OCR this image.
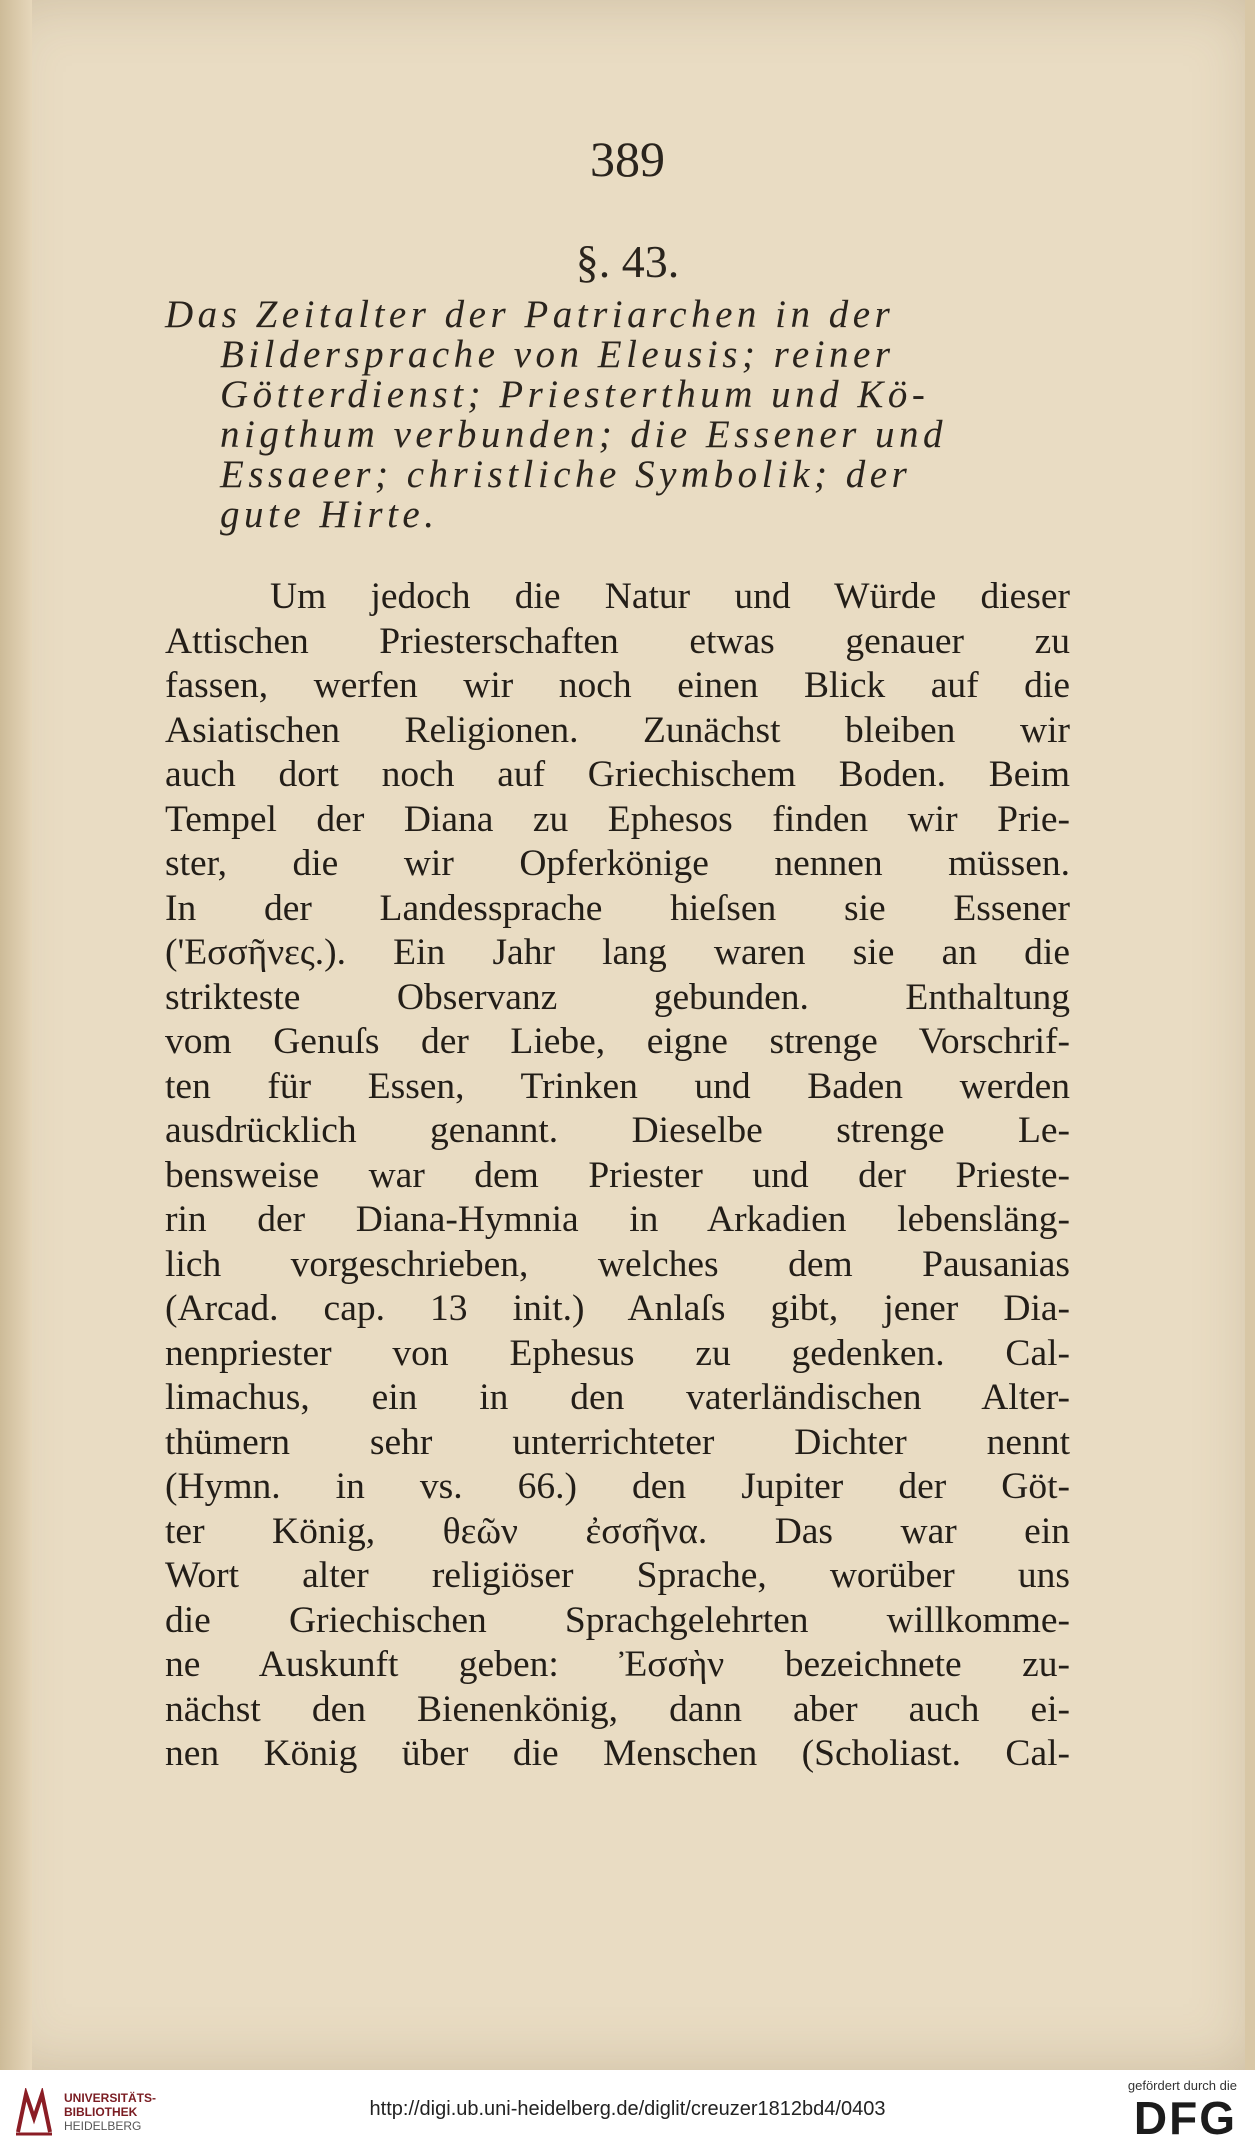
389
§. 43.
Das Zeitalter der Patriarchen in der
Bildersprache von Eleusis; reiner
Götterdienst; Priesterthum und Kö-
nigthum verbunden; die Essener und
Essaeer; christliche Symbolik; der
gute Hirte.
Um jedoch die Natur und Würde dieser
Attischen Priesterschaften etwas genauer zu
fassen, werfen wir noch einen Blick auf die
Asiatischen Religionen. Zunächst bleiben wir
auch dort noch auf Griechischem Boden. Beim
Tempel der Diana zu Ephesos finden wir Prie-
ster, die wir Opferkönige nennen müssen.
In der Landessprache hieſsen sie Essener
('Εσσῆνες.). Ein Jahr lang waren sie an die
strikteste Observanz gebunden. Enthaltung
vom Genuſs der Liebe, eigne strenge Vorschrif-
ten für Essen, Trinken und Baden werden
ausdrücklich genannt. Dieselbe strenge Le-
bensweise war dem Priester und der Prieste-
rin der Diana-Hymnia in Arkadien lebensläng-
lich vorgeschrieben, welches dem Pausanias
(Arcad. cap. 13 init.) Anlaſs gibt, jener Dia-
nenpriester von Ephesus zu gedenken. Cal-
limachus, ein in den vaterländischen Alter-
thümern sehr unterrichteter Dichter nennt
(Hymn. in vs. 66.) den Jupiter der Göt-
ter König, θεῶν ἐσσῆνα. Das war ein
Wort alter religiöser Sprache, worüber uns
die Griechischen Sprachgelehrten willkomme-
ne Auskunft geben: Ἐσσὴν bezeichnete zu-
nächst den Bienenkönig, dann aber auch ei-
nen König über die Menschen (Scholiast. Cal-
UNIVERSITÄTS-
BIBLIOTHEK
HEIDELBERG
http://digi.ub.uni-heidelberg.de/diglit/creuzer1812bd4/0403
gefördert durch die
DFG
